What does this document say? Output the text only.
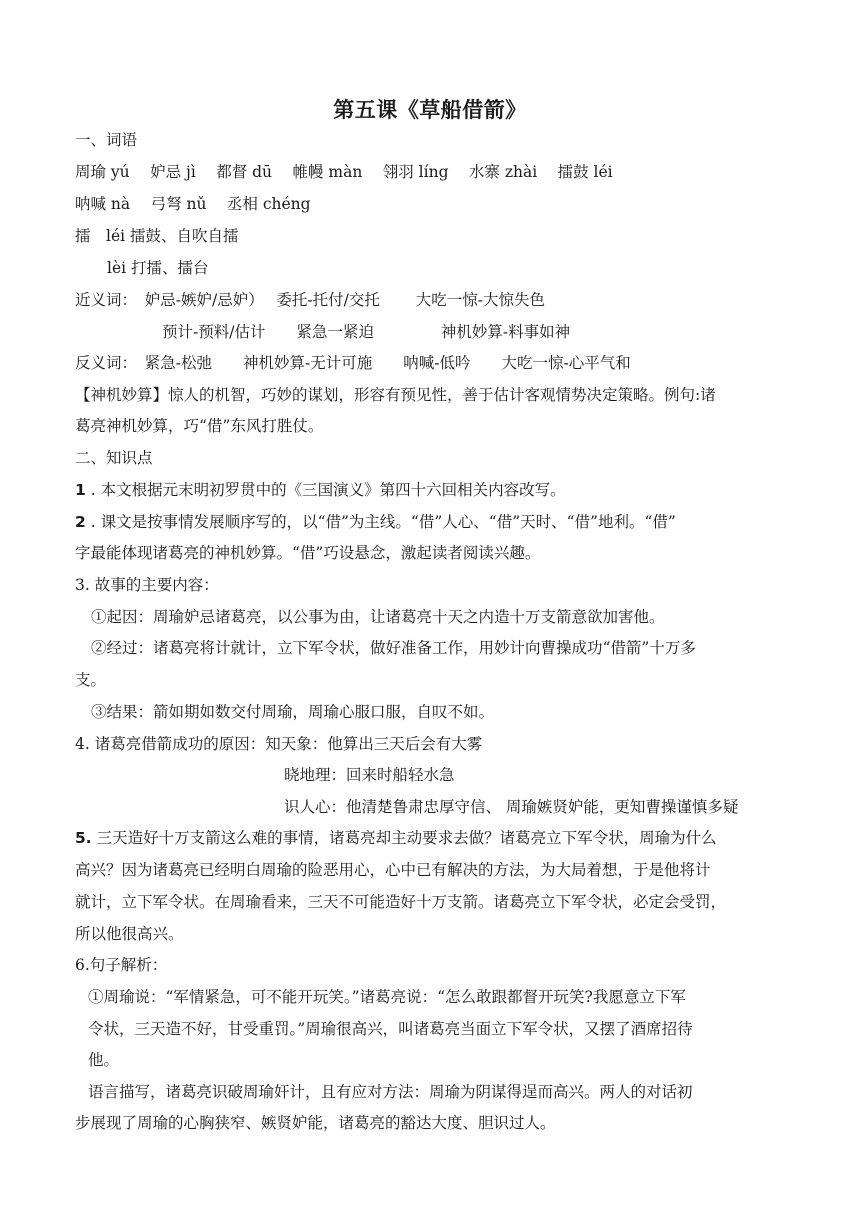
第五课《草船借箭》
一、词语
周瑜 yú　 妒忌 jì　 都督 dū　 帷幔 màn　 翎羽 líng　 水寨 zhài　 擂鼓 léi
呐喊 nà　 弓弩 nǔ　 丞相 chéng
擂　léi 擂鼓、自吹自擂
lèi 打擂、擂台
近义词：　妒忌-嫉妒/忌妒）　 委托-托付/交托　　 大吃一惊-大惊失色
预计-预料/估计　　紧急一紧迫　　　　 神机妙算-料事如神
反义词：　紧急-松弛　　神机妙算-无计可施　　呐喊-低吟　　大吃一惊-心平气和
【神机妙算】惊人的机智，巧妙的谋划，形容有预见性，善于估计客观情势决定策略。例句:诸
葛亮神机妙算，巧“借”东风打胜仗。
二、知识点
1 . 本文根据元末明初罗贯中的《三国演义》第四十六回相关内容改写。
2 . 课文是按事情发展顺序写的，以“借”为主线。“借”人心、“借”天时、“借”地利。“借”
字最能体现诸葛亮的神机妙算。“借”巧设悬念，激起读者阅读兴趣。
3. 故事的主要内容：
①起因：周瑜妒忌诸葛亮，以公事为由，让诸葛亮十天之内造十万支箭意欲加害他。
②经过：诸葛亮将计就计，立下军令状，做好准备工作，用妙计向曹操成功“借箭”十万多
支。
③结果：箭如期如数交付周瑜，周瑜心服口服，自叹不如。
4. 诸葛亮借箭成功的原因：知天象：他算出三天后会有大雾
晓地理：回来时船轻水急
识人心：他清楚鲁肃忠厚守信、 周瑜嫉贤妒能，更知曹操谨慎多疑
5. 三天造好十万支箭这么难的事情，诸葛亮却主动要求去做？诸葛亮立下军令状，周瑜为什么
高兴？因为诸葛亮已经明白周瑜的险恶用心，心中已有解决的方法，为大局着想，于是他将计
就计，立下军令状。在周瑜看来，三天不可能造好十万支箭。诸葛亮立下军令状，必定会受罚，
所以他很高兴。
6.句子解析：
①周瑜说：“军情紧急，可不能开玩笑。”诸葛亮说：“怎么敢跟都督开玩笑?我愿意立下军
令状，三天造不好，甘受重罚。”周瑜很高兴，叫诸葛亮当面立下军令状，又摆了酒席招待
他。
语言描写，诸葛亮识破周瑜奸计，且有应对方法：周瑜为阴谋得逞而高兴。两人的对话初
步展现了周瑜的心胸狭窄、嫉贤妒能，诸葛亮的豁达大度、胆识过人。
